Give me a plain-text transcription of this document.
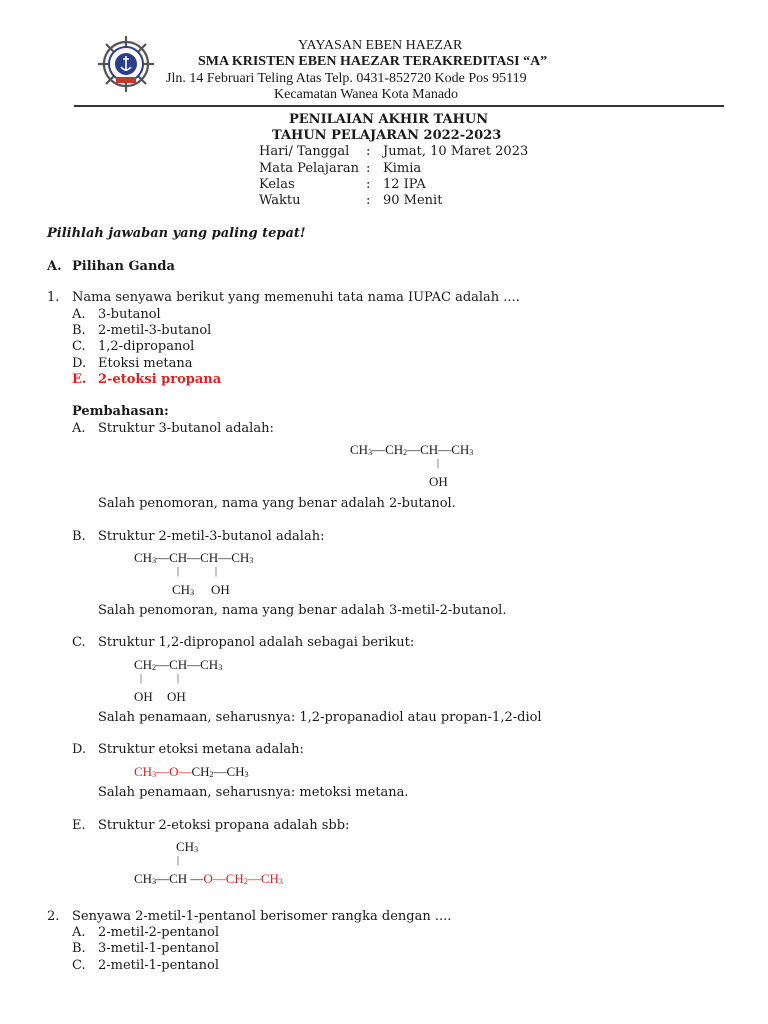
YAYASAN EBEN HAEZAR
SMA KRISTEN EBEN HAEZAR TERAKREDITASI “A”
Jln. 14 Februari Teling Atas Telp. 0431-852720 Kode Pos 95119
Kecamatan Wanea Kota Manado
PENILAIAN AKHIR TAHUN
TAHUN PELAJARAN 2022-2023
Hari/ Tanggal : Jumat, 10 Maret 2023
Mata Pelajaran : Kimia
Kelas	: 12 IPA
Waktu	: 90 Menit
Pilihlah jawaban yang paling tepat!
A. Pilihan Ganda
1. Nama senyawa berikut yang memenuhi tata nama IUPAC adalah ....
A. 3-butanol
B. 2-metil-3-butanol
C. 1,2-dipropanol
D. Etoksi metana
E. 2-etoksi propana
Pembahasan:
A. Struktur 3-butanol adalah:
$CH_3—CH_2—CH—CH_3$
|
OH
Salah penomoran, nama yang benar adalah 2-butanol.
B. Struktur 2-metil-3-butanol adalah:
$CH_3—CH—CH—CH_3$
|	|
$CH_3$ OH
Salah penomoran, nama yang benar adalah 3-metil-2-butanol.
C. Struktur 1,2-dipropanol adalah sebagai berikut:
$CH_2—CH—CH_3$
|	|
OH OH
Salah penamaan, seharusnya: 1,2-propanadiol atau propan-1,2-diol
D. Struktur etoksi metana adalah:
$CH_3—O—CH_2—CH_3$
Salah penamaan, seharusnya: metoksi metana.
E. Struktur 2-etoksi propana adalah sbb:
$CH_3$
|
$CH_3—CH$ $—O—CH_2—CH_3$
2. Senyawa 2-metil-1-pentanol berisomer rangka dengan ....
A. 2-metil-2-pentanol
B. 3-metil-1-pentanol
C. 2-metil-1-pentanol
